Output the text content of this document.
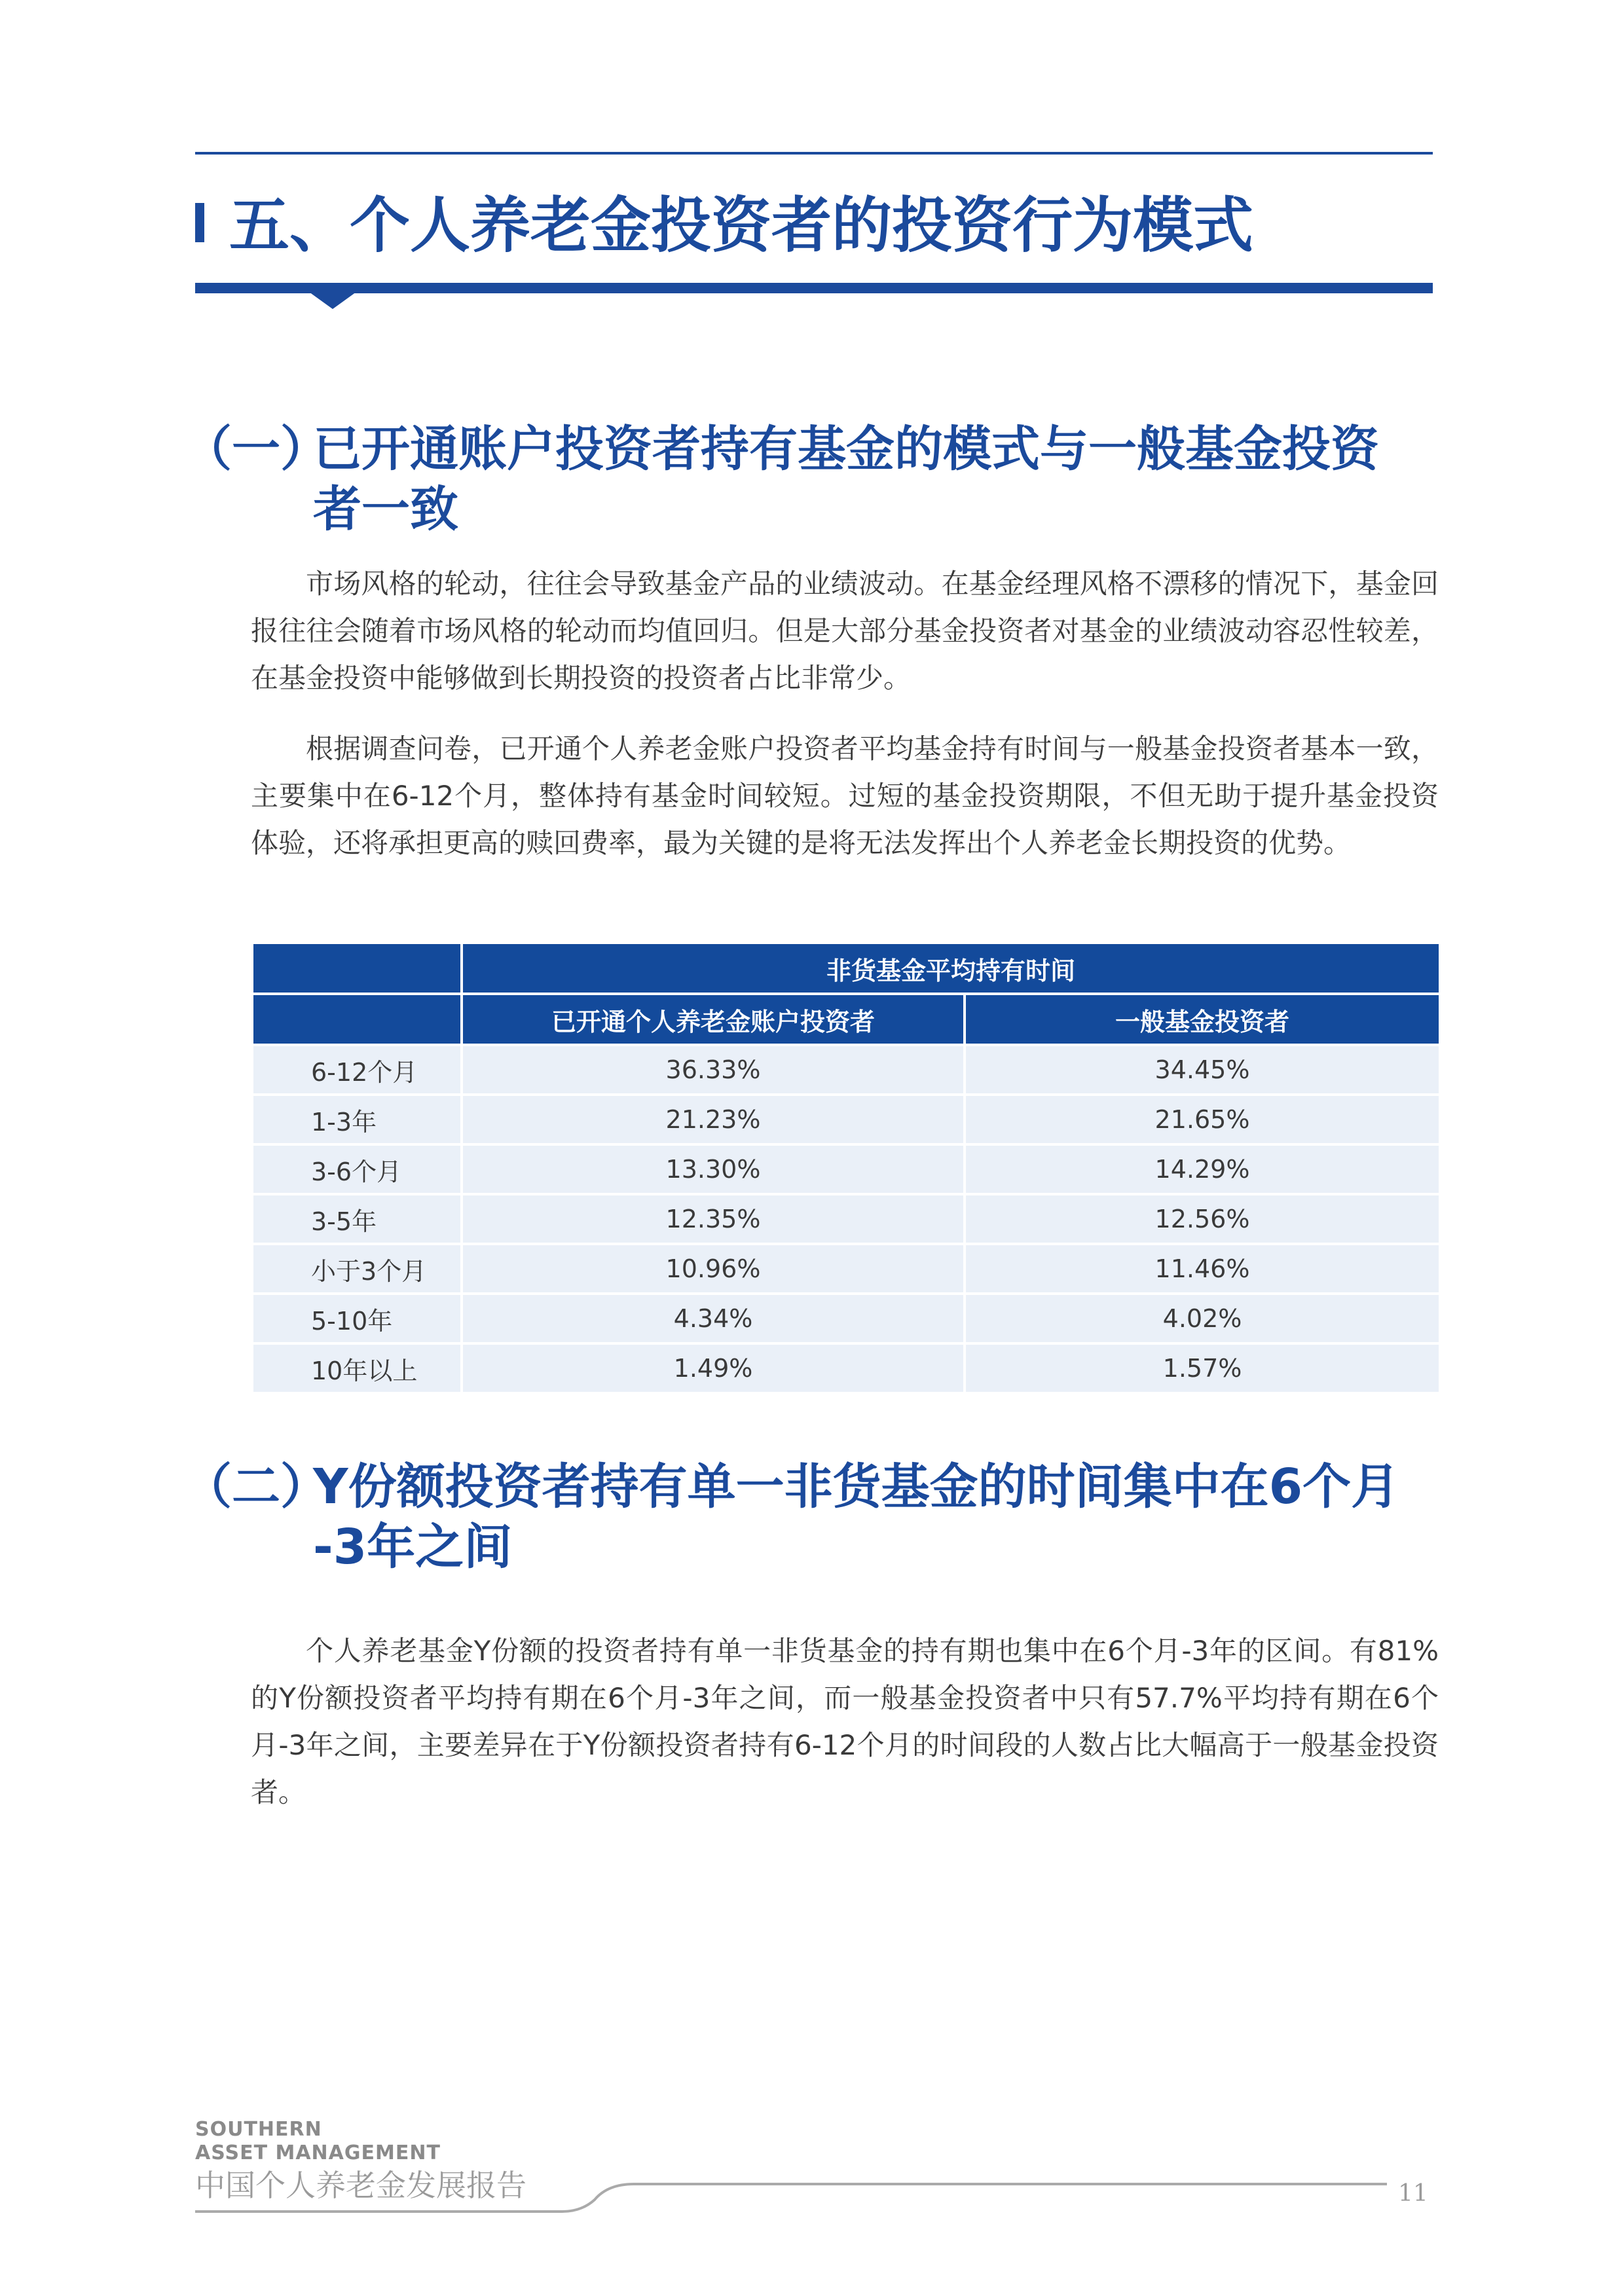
五、个人养老金投资者的投资行为模式
（一）已开通账户投资者持有基金的模式与一般基金投资
者一致

市场风格的轮动，往往会导致基金产品的业绩波动。在基金经理风格不漂移的情况下，基金回报往往会随着市场风格的轮动而均值回归。但是大部分基金投资者对基金的业绩波动容忍性较差，在基金投资中能够做到长期投资的投资者占比非常少。

根据调查问卷，已开通个人养老金账户投资者平均基金持有时间与一般基金投资者基本一致，主要集中在6-12个月，整体持有基金时间较短。过短的基金投资期限，不但无助于提升基金投资体验，还将承担更高的赎回费率，最为关键的是将无法发挥出个人养老金长期投资的优势。

	非货基金平均持有时间	
	已开通个人养老金账户投资者	一般基金投资者
6-12个月	36.33%	34.45%
1-3年	21.23%	21.65%
3-6个月	13.30%	14.29%
3-5年	12.35%	12.56%
小于3个月	10.96%	11.46%
5-10年	4.34%	4.02%
10年以上	1.49%	1.57%
（二）Y份额投资者持有单一非货基金的时间集中在6个月
-3年之间

个人养老基金Y份额的投资者持有单一非货基金的持有期也集中在6个月-3年的区间。有81%的Y份额投资者平均持有期在6个月-3年之间，而一般基金投资者中只有57.7%平均持有期在6个月-3年之间，主要差异在于Y份额投资者持有6-12个月的时间段的人数占比大幅高于一般基金投资者。

SOUTHERN
ASSET MANAGEMENT
中国个人养老金发展报告	11
